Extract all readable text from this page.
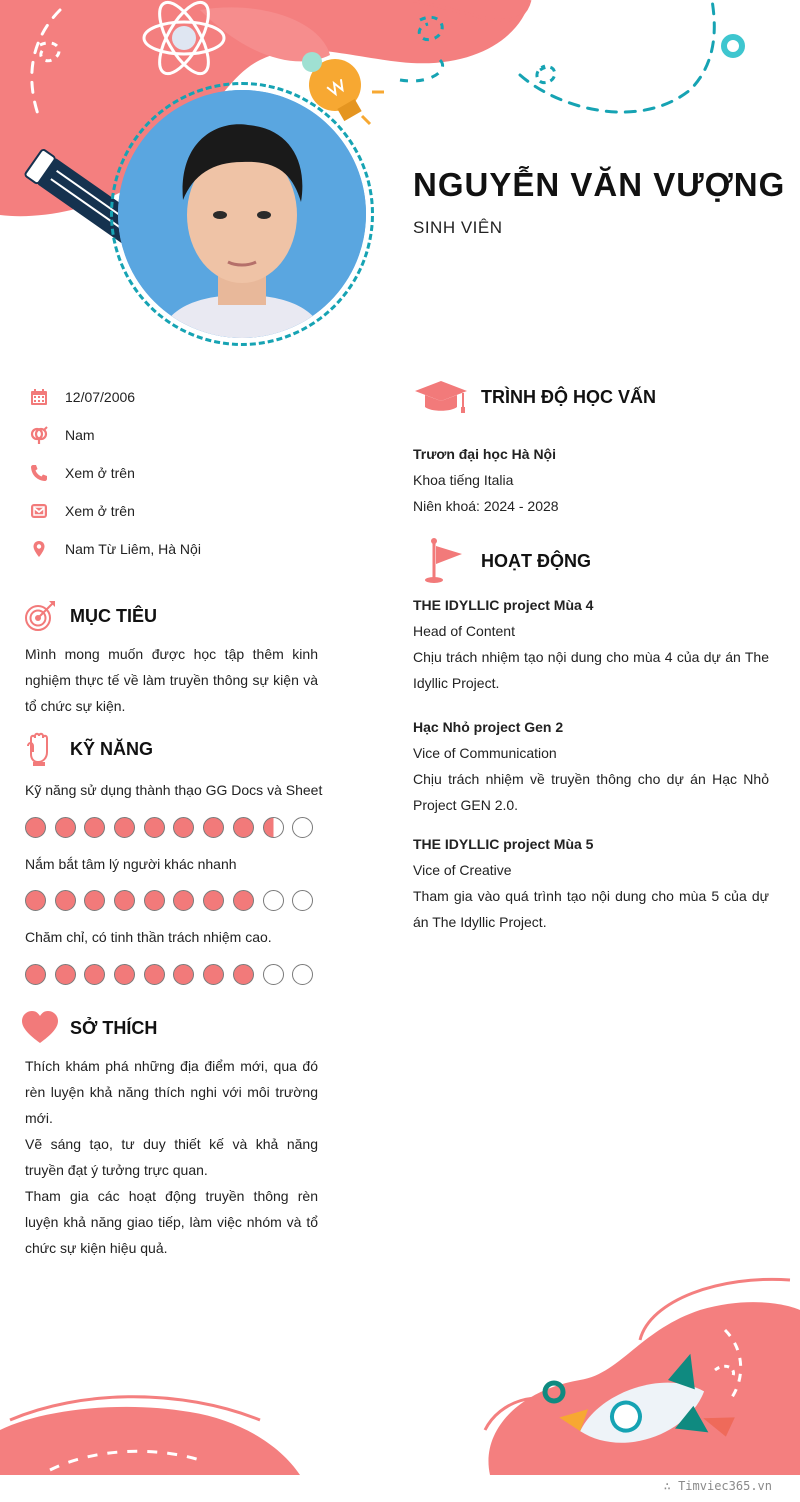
NGUYỄN VĂN VƯỢNG
SINH VIÊN
12/07/2006
Nam
Xem ở trên
Xem ở trên
Nam Từ Liêm, Hà Nội
MỤC TIÊU
Mình mong muốn được học tập thêm kinh nghiệm thực tế về làm truyền thông sự kiện và tổ chức sự kiện.
KỸ NĂNG
Kỹ năng sử dụng thành thạo GG Docs và Sheet
Nắm bắt tâm lý người khác nhanh
Chăm chỉ, có tinh thần trách nhiệm cao.
SỞ THÍCH

Thích khám phá những địa điểm mới, qua đó rèn luyện khả năng thích nghi với môi trường mới.

Vẽ sáng tạo, tư duy thiết kế và khả năng truyền đạt ý tưởng trực quan.

Tham gia các hoạt động truyền thông rèn luyện khả năng giao tiếp, làm việc nhóm và tổ chức sự kiện hiệu quả.

TRÌNH ĐỘ HỌC VẤN
Trươn đại học Hà Nội
Khoa tiếng Italia
Niên khoá: 2024 - 2028
HOẠT ĐỘNG
THE IDYLLIC project Mùa 4
Head of Content
Chịu trách nhiệm tạo nội dung cho mùa 4 của dự án The Idyllic Project.
Hạc Nhỏ project Gen 2
Vice of Communication
Chịu trách nhiệm về truyền thông cho dự án Hạc Nhỏ Project GEN 2.0.
THE IDYLLIC project Mùa 5
Vice of Creative
Tham gia vào quá trình tạo nội dung cho mùa 5 của dự án The Idyllic Project.
∴ Timviec365.vn
